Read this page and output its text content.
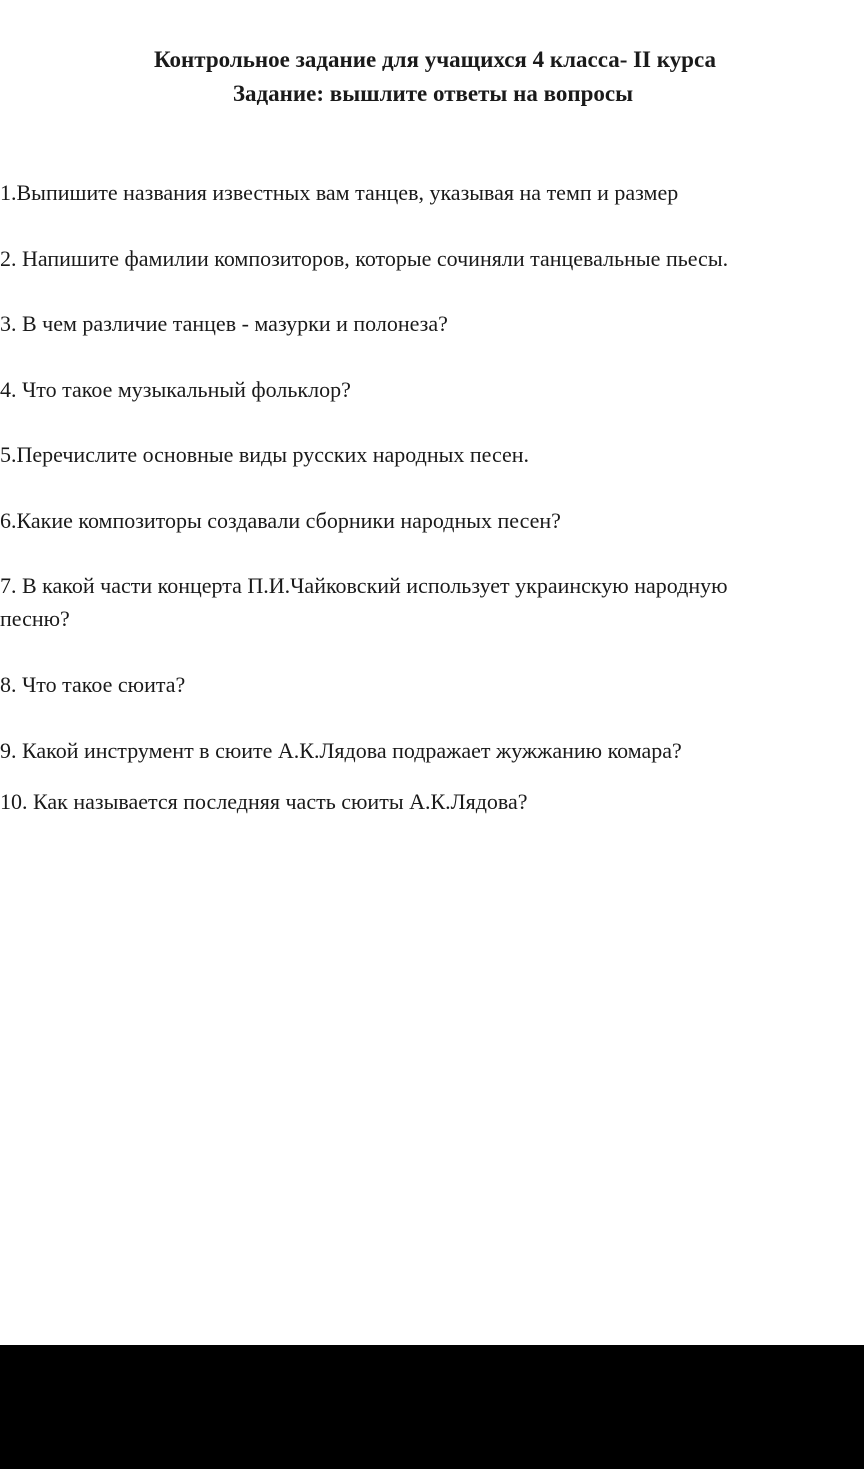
Контрольное задание для учащихся 4 класса- II курса
Задание: вышлите ответы на вопросы
1.Выпишите названия известных вам танцев, указывая на темп и размер
2. Напишите фамилии композиторов, которые сочиняли танцевальные пьесы.
3. В чем различие танцев - мазурки и полонеза?
4. Что такое музыкальный фольклор?
5.Перечислите основные виды русских народных песен.
6.Какие композиторы создавали сборники народных песен?
7. В какой части концерта П.И.Чайковский использует украинскую народную
песню?
8. Что такое сюита?
9. Какой инструмент в сюите А.К.Лядова подражает жужжанию комара?
10. Как называется последняя часть сюиты А.К.Лядова?
